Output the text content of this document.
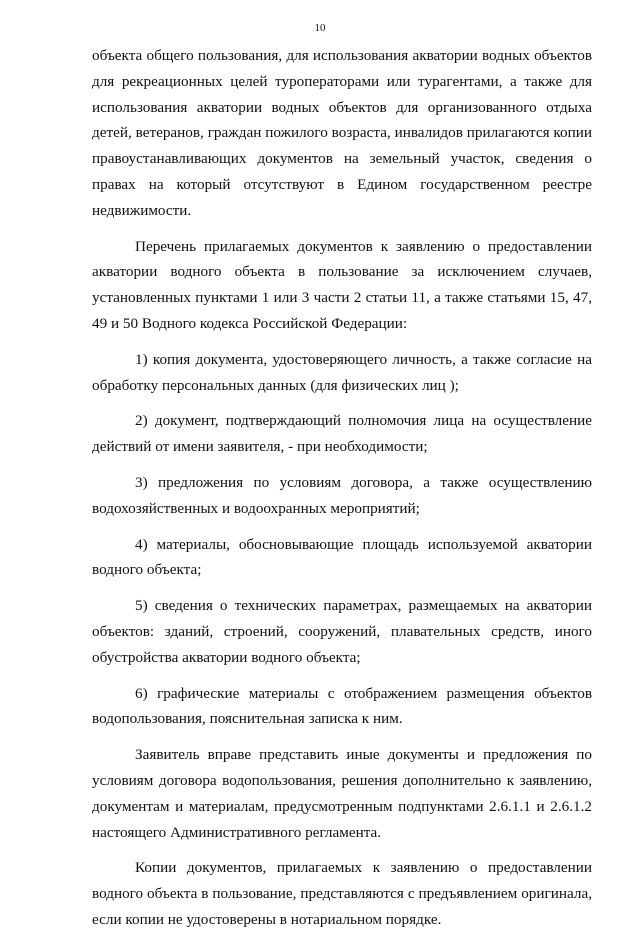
10

объекта общего пользования, для использования акватории водных объектов для рекреационных целей туроператорами или турагентами, а также для использования акватории водных объектов для организованного отдыха детей, ветеранов, граждан пожилого возраста, инвалидов прилагаются копии правоустанавливающих документов на земельный участок, сведения о правах на который отсутствуют в Едином государственном реестре недвижимости.

Перечень прилагаемых документов к заявлению о предоставлении акватории водного объекта в пользование за исключением случаев, установленных пунктами 1 или 3 части 2 статьи 11, а также статьями 15, 47, 49 и 50 Водного кодекса Российской Федерации:

1) копия документа, удостоверяющего личность, а также согласие на обработку персональных данных (для физических лиц );

2) документ, подтверждающий полномочия лица на осуществление действий от имени заявителя, - при необходимости;

3) предложения по условиям договора, а также осуществлению водохозяйственных и водоохранных мероприятий;

4) материалы, обосновывающие площадь используемой акватории водного объекта;

5) сведения о технических параметрах, размещаемых на акватории объектов: зданий, строений, сооружений, плавательных средств, иного обустройства акватории водного объекта;

6) графические материалы с отображением размещения объектов водопользования, пояснительная записка к ним.

Заявитель вправе представить иные документы и предложения по условиям договора водопользования, решения дополнительно к заявлению, документам и материалам, предусмотренным подпунктами 2.6.1.1 и 2.6.1.2 настоящего Административного регламента.

Копии документов, прилагаемых к заявлению о предоставлении водного объекта в пользование, представляются с предъявлением оригинала, если копии не удостоверены в нотариальном порядке.
